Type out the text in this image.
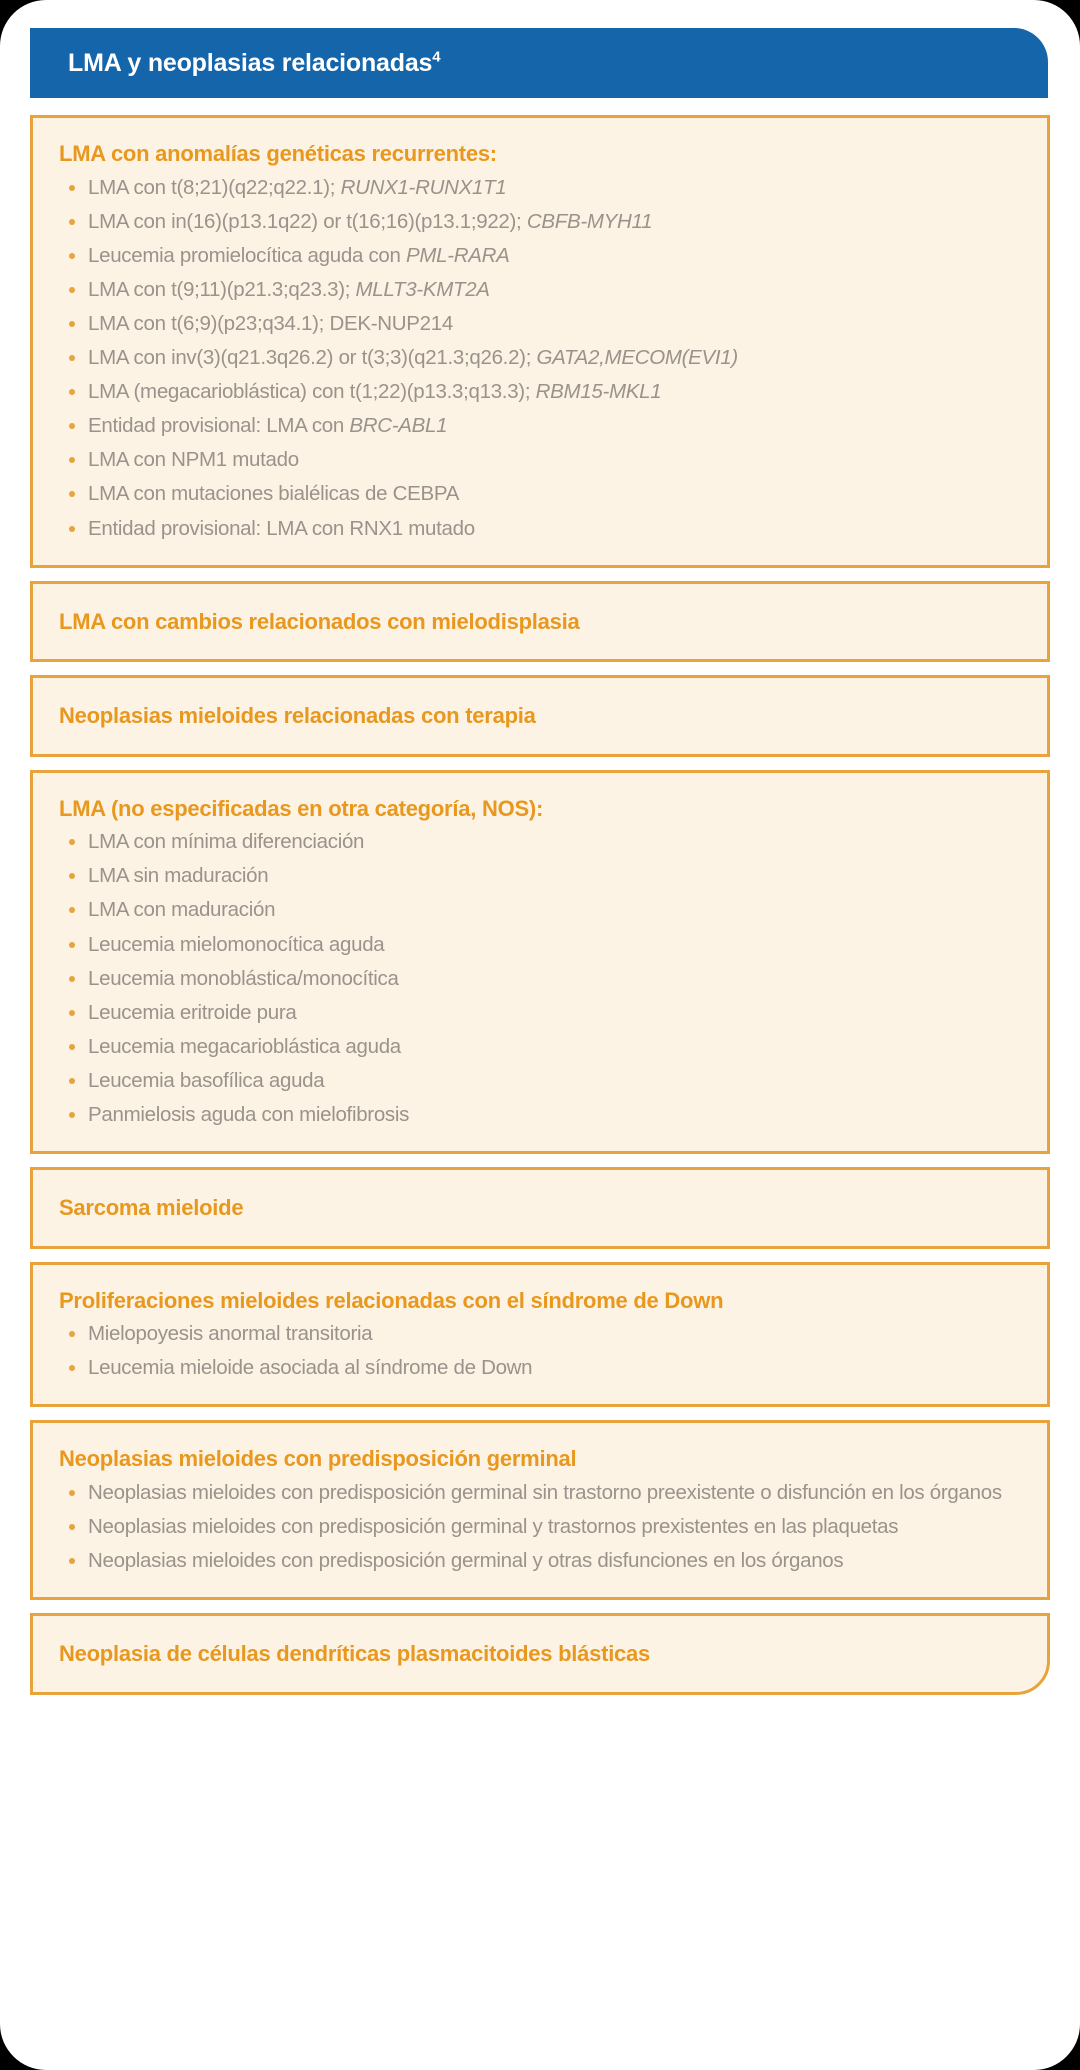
LMA y neoplasias relacionadas$^4$
LMA con anomalías genéticas recurrentes:
LMA con t(8;21)(q22;q22.1); RUNX1-RUNX1T1
LMA con in(16)(p13.1q22) or t(16;16)(p13.1;922); CBFB-MYH11
Leucemia promielocítica aguda con PML-RARA
LMA con t(9;11)(p21.3;q23.3); MLLT3-KMT2A
LMA con t(6;9)(p23;q34.1); DEK-NUP214
LMA con inv(3)(q21.3q26.2) or t(3;3)(q21.3;q26.2); GATA2,MECOM(EVI1)
LMA (megacarioblástica) con t(1;22)(p13.3;q13.3); RBM15-MKL1
Entidad provisional: LMA con BRC-ABL1
LMA con NPM1 mutado
LMA con mutaciones bialélicas de CEBPA
Entidad provisional: LMA con RNX1 mutado
LMA con cambios relacionados con mielodisplasia
Neoplasias mieloides relacionadas con terapia
LMA (no especificadas en otra categoría, NOS):
LMA con mínima diferenciación
LMA sin maduración
LMA con maduración
Leucemia mielomonocítica aguda
Leucemia monoblástica/monocítica
Leucemia eritroide pura
Leucemia megacarioblástica aguda
Leucemia basofílica aguda
Panmielosis aguda con mielofibrosis
Sarcoma mieloide
Proliferaciones mieloides relacionadas con el síndrome de Down
Mielopoyesis anormal transitoria
Leucemia mieloide asociada al síndrome de Down
Neoplasias mieloides con predisposición germinal
Neoplasias mieloides con predisposición germinal sin trastorno preexistente o disfunción en los órganos
Neoplasias mieloides con predisposición germinal y trastornos prexistentes en las plaquetas
Neoplasias mieloides con predisposición germinal y otras disfunciones en los órganos
Neoplasia de células dendríticas plasmacitoides blásticas
